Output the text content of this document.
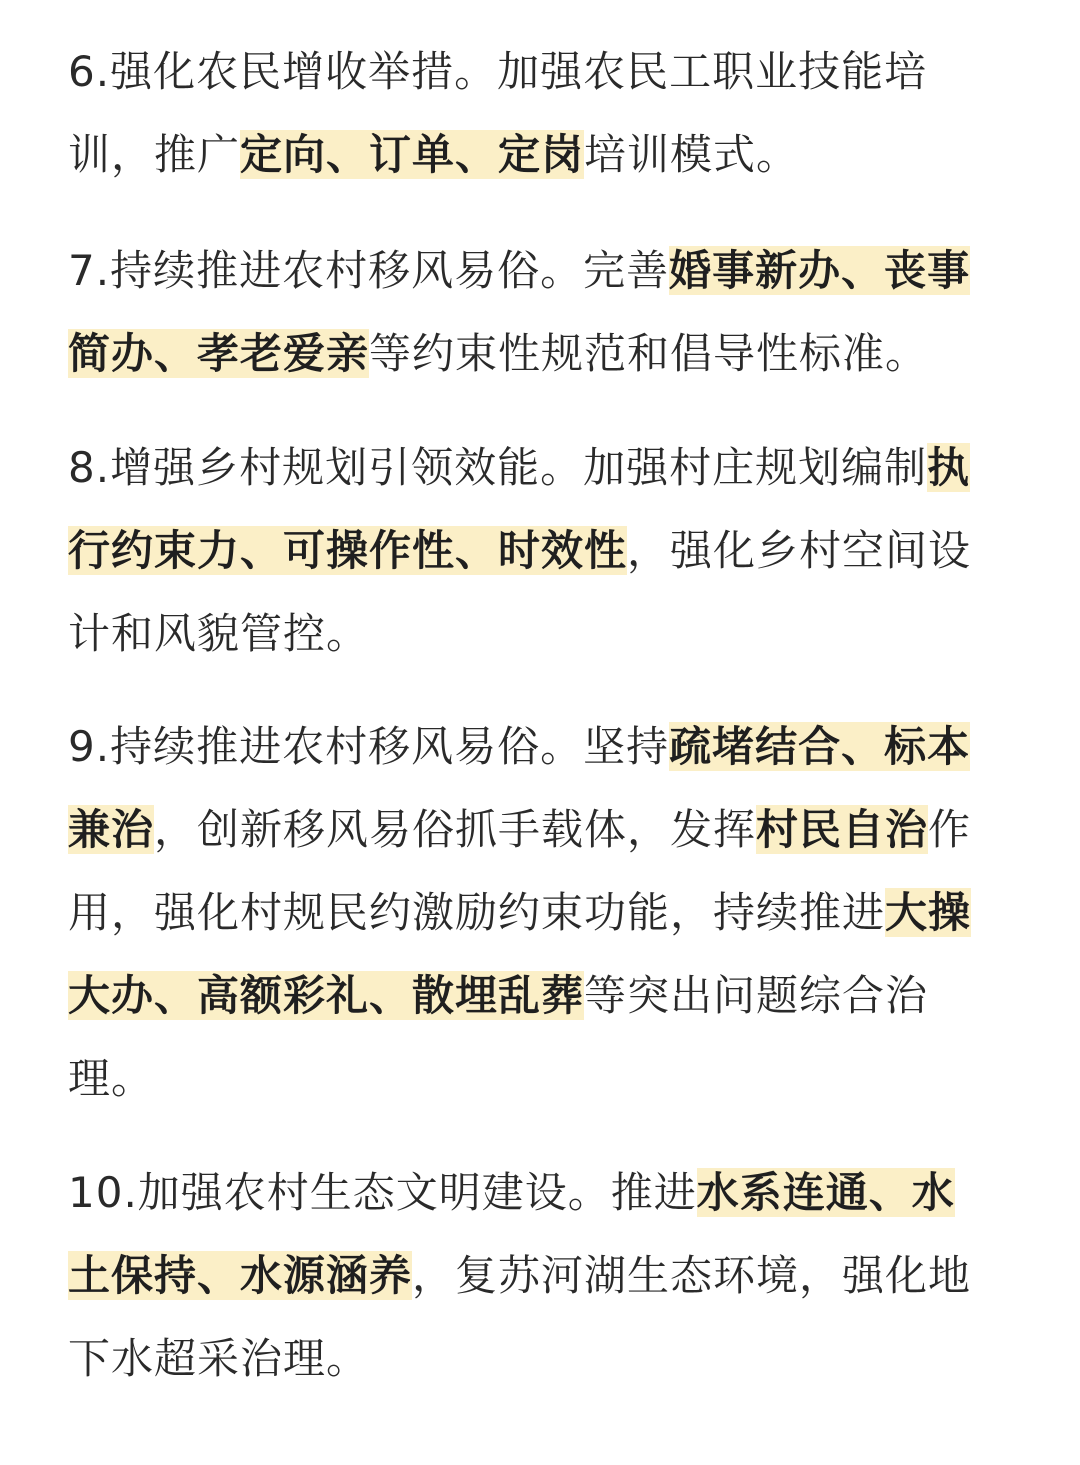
6.强化农民增收举措。加强农民工职业技能培
训，推广定向、订单、定岗培训模式。
7.持续推进农村移风易俗。完善婚事新办、丧事
简办、孝老爱亲等约束性规范和倡导性标准。
8.增强乡村规划引领效能。加强村庄规划编制执
行约束力、可操作性、时效性，强化乡村空间设
计和风貌管控。
9.持续推进农村移风易俗。坚持疏堵结合、标本
兼治，创新移风易俗抓手载体，发挥村民自治作
用，强化村规民约激励约束功能，持续推进大操
大办、高额彩礼、散埋乱葬等突出问题综合治
理。
10.加强农村生态文明建设。推进水系连通、水
土保持、水源涵养，复苏河湖生态环境，强化地
下水超采治理。
